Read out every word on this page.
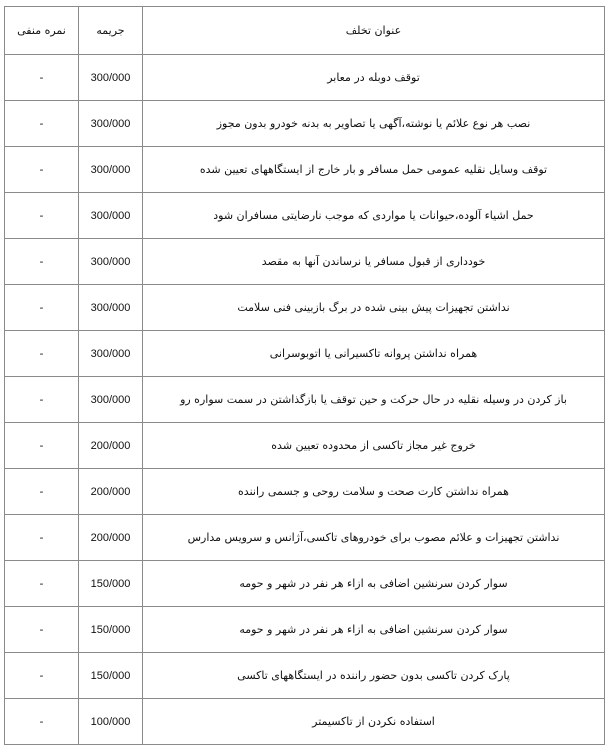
عنوان تخلف	جریمه	نمره منفی
توقف دوبله در معابر	300/000	-
نصب هر نوع علائم یا نوشته،آگهی یا تصاویر به بدنه خودرو بدون مجوز	300/000	-
توقف وسایل نقلیه عمومی حمل مسافر و بار خارج از ایستگاههای تعیین شده	300/000	-
حمل اشیاء آلوده،حیوانات یا مواردی که موجب نارضایتی مسافران شود	300/000	-
خودداری از قبول مسافر یا نرساندن آنها به مقصد	300/000	-
نداشتن تجهیزات پیش بینی شده در برگ بازبینی فنی سلامت	300/000	-
همراه نداشتن پروانه تاکسیرانی یا اتوبوسرانی	300/000	-
باز کردن در وسیله نقلیه در حال حرکت و حین توقف یا بازگذاشتن در سمت سواره رو	300/000	-
خروج غیر مجاز تاکسی از محدوده تعیین شده	200/000	-
همراه نداشتن کارت صحت و سلامت روحی و جسمی راننده	200/000	-
نداشتن تجهیزات و علائم مصوب برای خودروهای تاکسی،آژانس و سرویس مدارس	200/000	-
سوار کردن سرنشین اضافی به ازاء هر نفر در شهر و حومه	150/000	-
سوار کردن سرنشین اضافی به ازاء هر نفر در شهر و حومه	150/000	-
پارک کردن تاکسی بدون حضور راننده در ایستگاههای تاکسی	150/000	-
استفاده نکردن از تاکسیمتر	100/000	-
